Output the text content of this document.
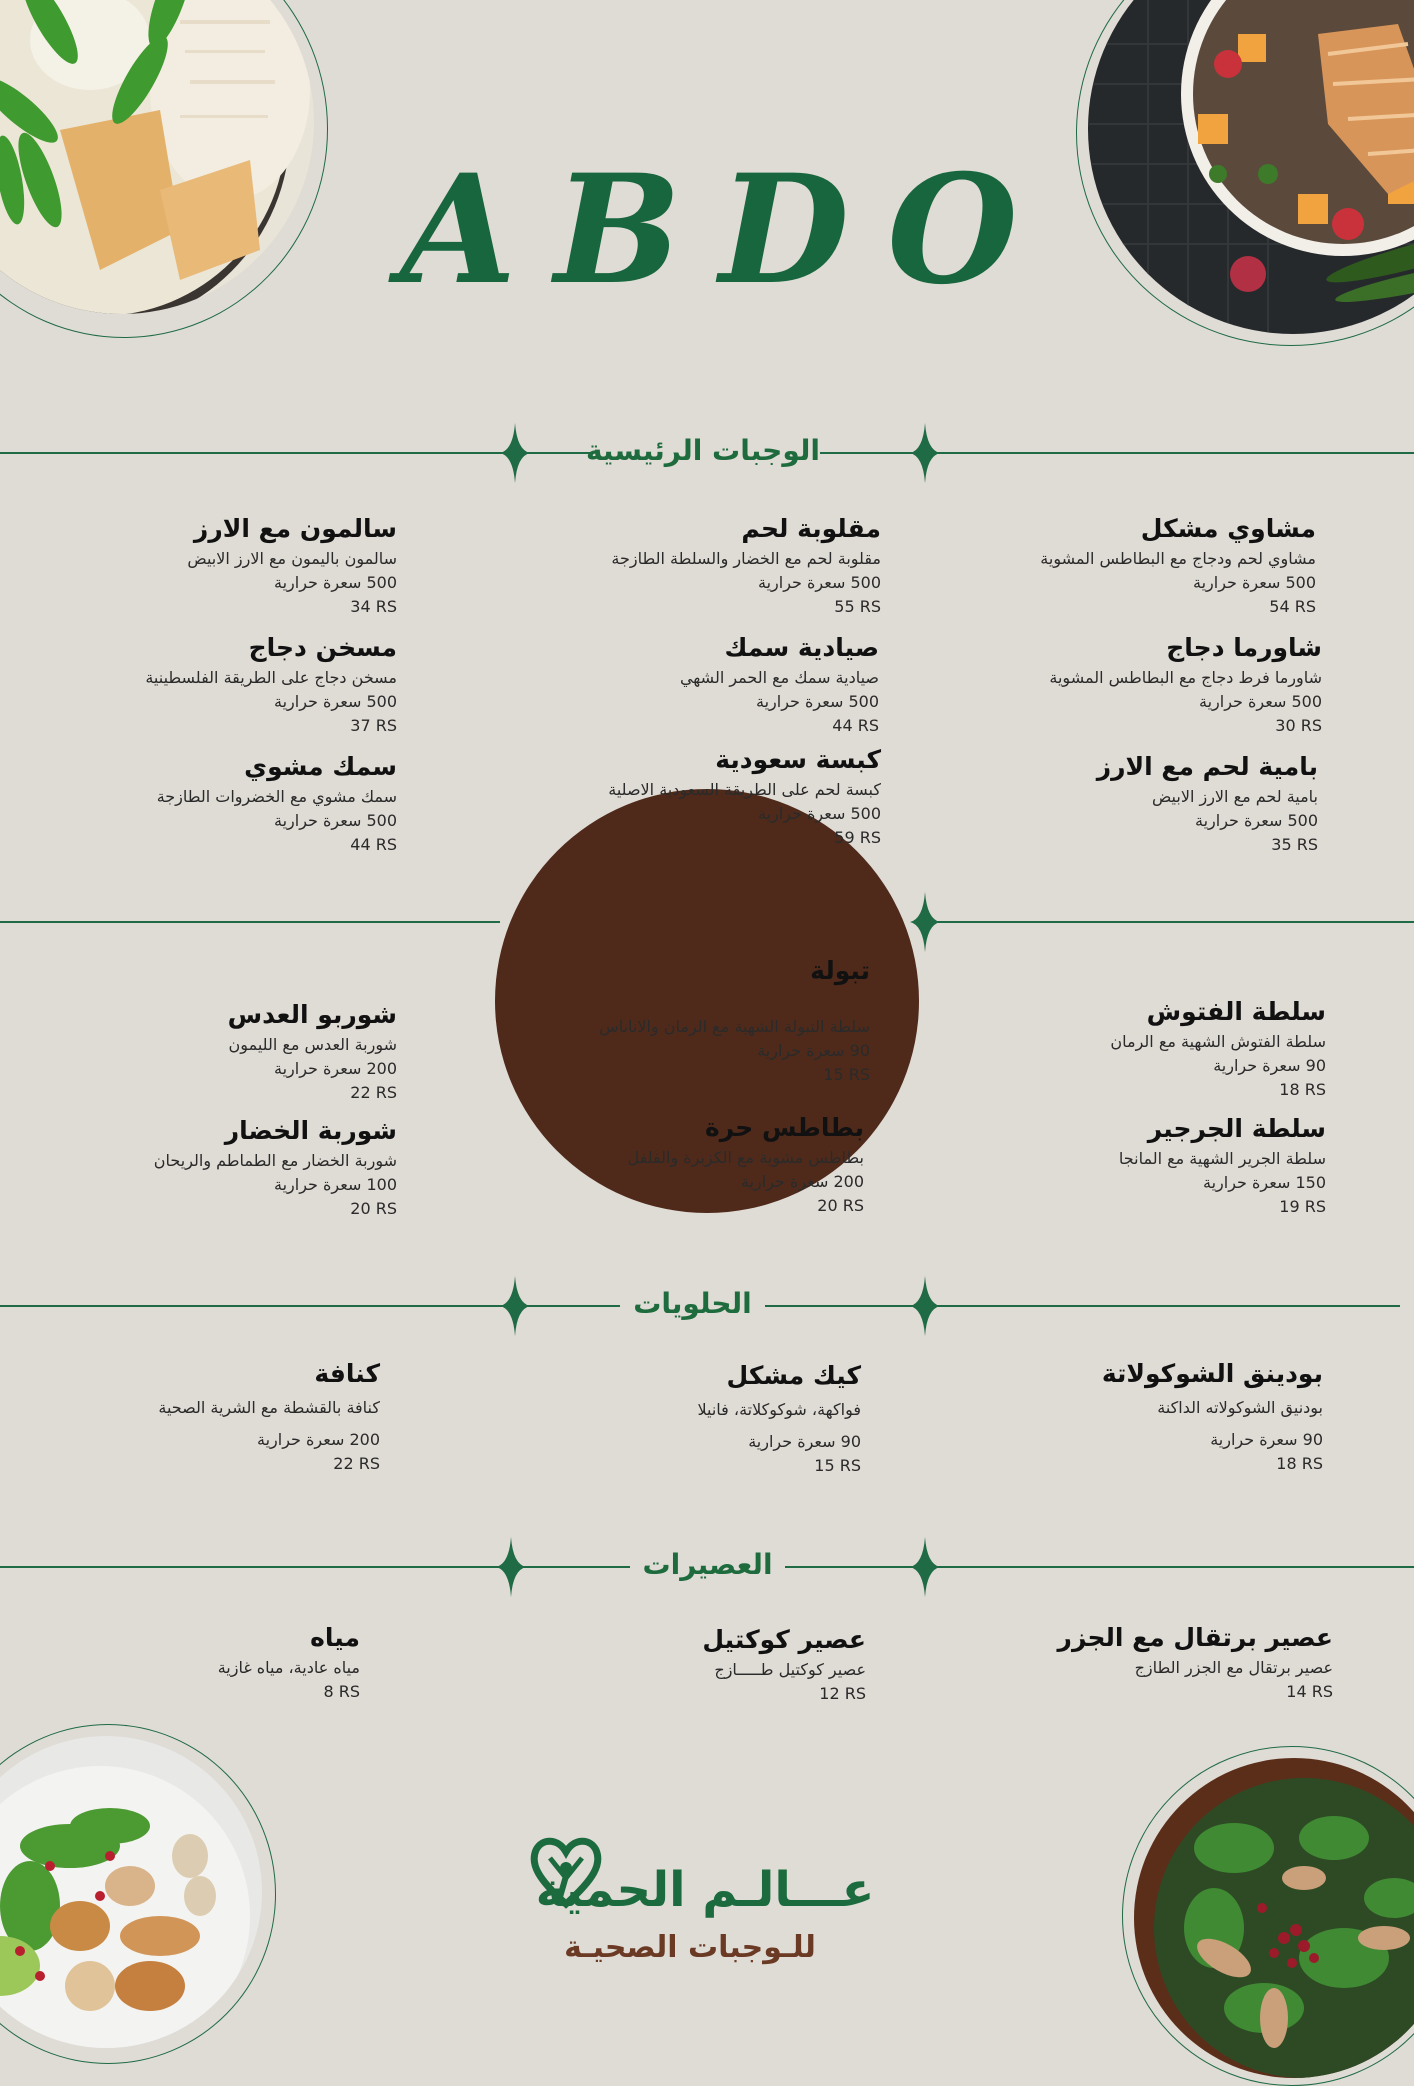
ABDO
الوجبات الرئيسية
مشاوي مشكل
مشاوي لحم ودجاج مع البطاطس المشوية
500 سعرة حرارية
54 RS
شاورما دجاج
شاورما فرط دجاج مع البطاطس المشوية
500 سعرة حرارية
30 RS
بامية لحم مع الارز
بامية لحم مع الارز الابيض
500 سعرة حرارية
35 RS
مقلوبة لحم
مقلوبة لحم مع الخضار والسلطة الطازجة
500 سعرة حرارية
55 RS
صيادية سمك
صيادية سمك مع الحمر الشهي
500 سعرة حرارية
44 RS
كبسة سعودية
كبسة لحم على الطريقة السعودية الاصلية
500 سعرة حرارية
59 RS
سالمون مع الارز
سالمون باليمون مع الارز الابيض
500 سعرة حرارية
34 RS
مسخن دجاج
مسخن دجاج على الطريقة الفلسطينية
500 سعرة حرارية
37 RS
سمك مشوي
سمك مشوي مع الخضروات الطازجة
500 سعرة حرارية
44 RS
سلطة الفتوش
سلطة الفتوش الشهية مع الرمان
90 سعرة حرارية
18 RS
سلطة الجرجير
سلطة الجرير الشهية مع المانجا
150 سعرة حرارية
19 RS
تبولة
سلطة التبولة الشهية مع الرمان والاناناس
90 سعرة حرارية
15 RS
بطاطس حرة
بطاطس مشوية مع الكزبرة والفلفل
200 سعرة حرارية
20 RS
شوربو العدس
شوربة العدس مع الليمون
200 سعرة حرارية
22 RS
شوربة الخضار
شوربة الخضار مع الطماطم والريحان
100 سعرة حرارية
20 RS
الحلويات
بودينق الشوكولاتة
بودنيق الشوكولاته الداكنة
90 سعرة حرارية
18 RS
كيك مشكل
فواكهة، شوكوكلاتة، فانيلا
90 سعرة حرارية
15 RS
كنافة
كنافة بالقشطة مع الشرية الصحية
200 سعرة حرارية
22 RS
العصيرات
عصير برتقال مع الجزر
عصير برتقال مع الجزر الطازج
14 RS
عصير كوكتيل
عصير كوكتيل طـــــازج
12 RS
مياه
مياه عادية، مياه غازية
8 RS
عـــالـم الحمية
للـوجبات الصحيـة
